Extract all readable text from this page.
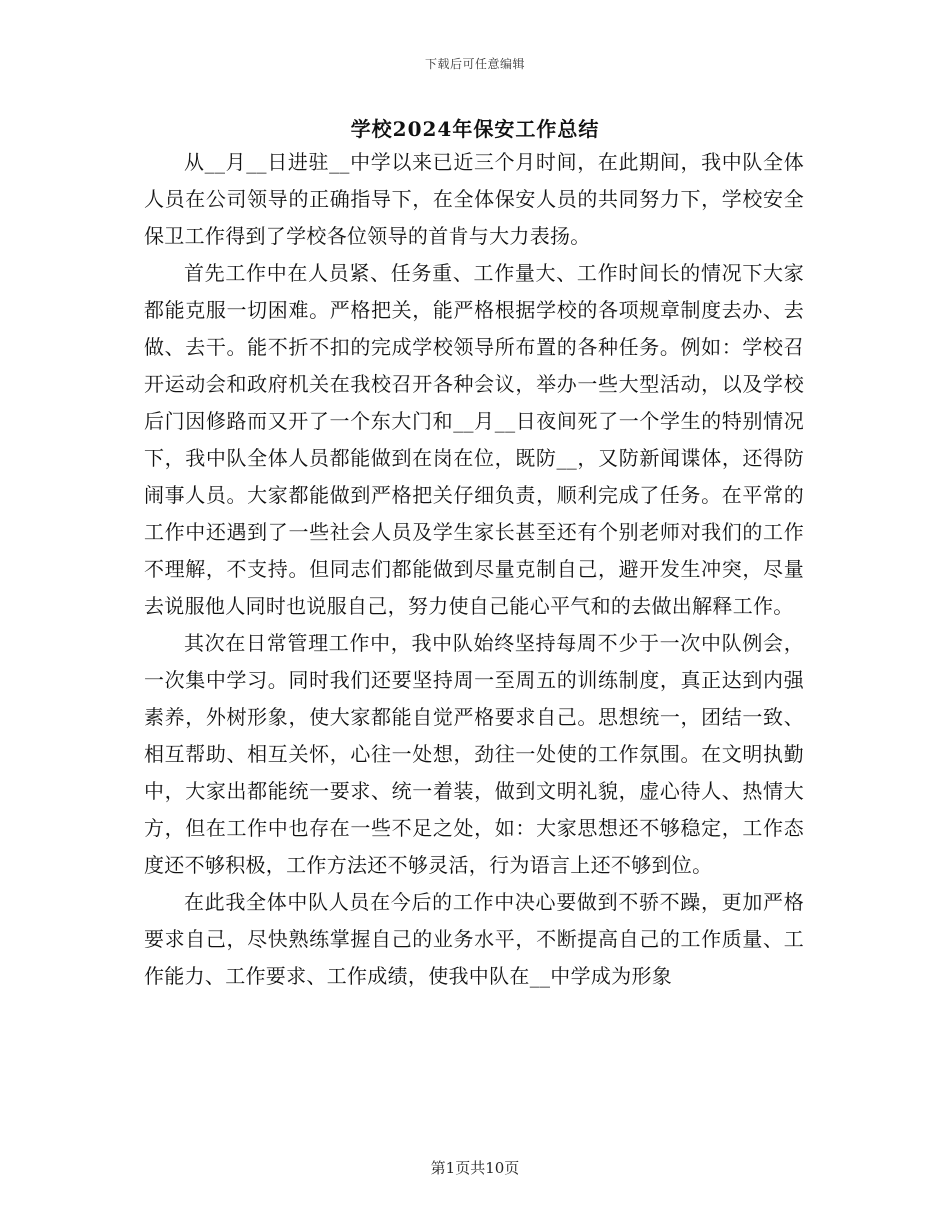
下载后可任意编辑
学校2024年保安工作总结

从__月__日进驻__中学以来已近三个月时间，在此期间，我中队全体人员在公司领导的正确指导下，在全体保安人员的共同努力下，学校安全保卫工作得到了学校各位领导的首肯与大力表扬。

首先工作中在人员紧、任务重、工作量大、工作时间长的情况下大家都能克服一切困难。严格把关，能严格根据学校的各项规章制度去办、去做、去干。能不折不扣的完成学校领导所布置的各种任务。例如：学校召开运动会和政府机关在我校召开各种会议，举办一些大型活动，以及学校后门因修路而又开了一个东大门和__月__日夜间死了一个学生的特别情况下，我中队全体人员都能做到在岗在位，既防__，又防新闻谍体，还得防闹事人员。大家都能做到严格把关仔细负责，顺利完成了任务。在平常的工作中还遇到了一些社会人员及学生家长甚至还有个别老师对我们的工作不理解，不支持。但同志们都能做到尽量克制自己，避开发生冲突，尽量去说服他人同时也说服自己，努力使自己能心平气和的去做出解释工作。

其次在日常管理工作中，我中队始终坚持每周不少于一次中队例会，一次集中学习。同时我们还要坚持周一至周五的训练制度，真正达到内强素养，外树形象，使大家都能自觉严格要求自己。思想统一，团结一致、相互帮助、相互关怀，心往一处想，劲往一处使的工作氛围。在文明执勤中，大家出都能统一要求、统一着装，做到文明礼貌，虚心待人、热情大方，但在工作中也存在一些不足之处，如：大家思想还不够稳定，工作态度还不够积极，工作方法还不够灵活，行为语言上还不够到位。

在此我全体中队人员在今后的工作中决心要做到不骄不躁，更加严格要求自己，尽快熟练掌握自己的业务水平，不断提高自己的工作质量、工作能力、工作要求、工作成绩，使我中队在__中学成为形象

第1页共10页
